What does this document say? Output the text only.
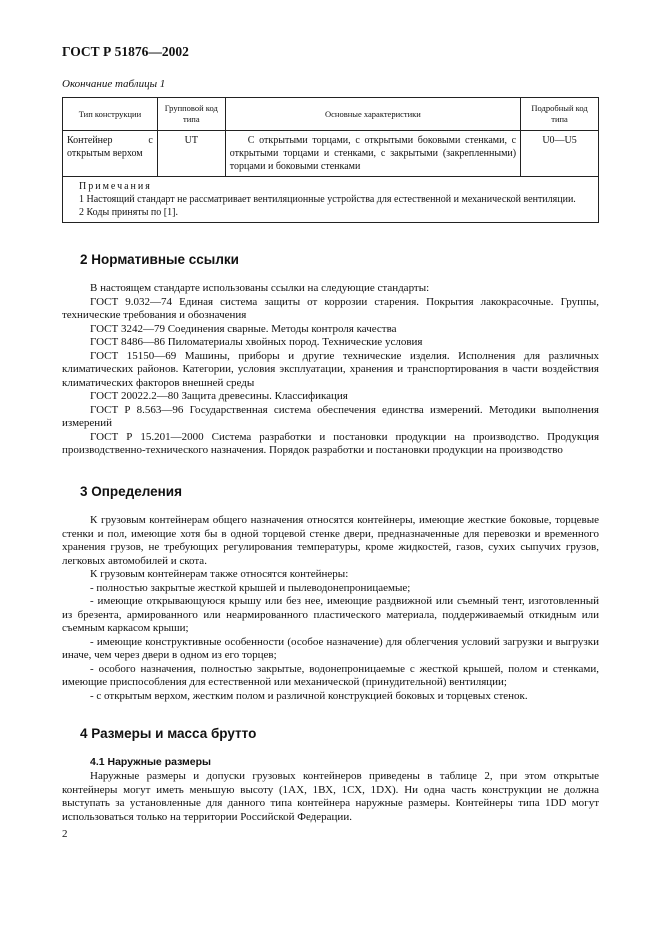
ГОСТ Р 51876—2002
Окончание таблицы 1
Тип конструкции	Групповой код типа	Основные характеристики	Подробный код типа
Контейнер с открытым верхом	UT	С открытыми торцами, с открытыми боковыми стенками, с открытыми торцами и стенками, с закрытыми (закрепленными) торцами и боковыми стенками	U0—U5

Примечания
1 Настоящий стандарт не рассматривает вентиляционные устройства для естественной и механической вентиляции.
2 Коды приняты по [1].			
2 Нормативные ссылки

В настоящем стандарте использованы ссылки на следующие стандарты:

ГОСТ 9.032—74 Единая система защиты от коррозии старения. Покрытия лакокрасочные. Группы, технические требования и обозначения

ГОСТ 3242—79 Соединения сварные. Методы контроля качества

ГОСТ 8486—86 Пиломатериалы хвойных пород. Технические условия

ГОСТ 15150—69 Машины, приборы и другие технические изделия. Исполнения для различных климатических районов. Категории, условия эксплуатации, хранения и транспортирования в части воздействия климатических факторов внешней среды

ГОСТ 20022.2—80 Защита древесины. Классификация

ГОСТ Р 8.563—96 Государственная система обеспечения единства измерений. Методики выполнения измерений

ГОСТ Р 15.201—2000 Система разработки и постановки продукции на производство. Продукция производственно-технического назначения. Порядок разработки и постановки продукции на производство

3 Определения

К грузовым контейнерам общего назначения относятся контейнеры, имеющие жесткие боковые, торцевые стенки и пол, имеющие хотя бы в одной торцевой стенке двери, предназначенные для перевозки и временного хранения грузов, не требующих регулирования температуры, кроме жидкостей, газов, сухих сыпучих грузов, легковых автомобилей и скота.

К грузовым контейнерам также относятся контейнеры:

- полностью закрытые жесткой крышей и пылеводонепроницаемые;

- имеющие открывающуюся крышу или без нее, имеющие раздвижной или съемный тент, изготовленный из брезента, армированного или неармированного пластического материала, поддерживаемый откидным или съемным каркасом крыши;

- имеющие конструктивные особенности (особое назначение) для облегчения условий загрузки и выгрузки иначе, чем через двери в одном из его торцев;

- особого назначения, полностью закрытые, водонепроницаемые с жесткой крышей, полом и стенками, имеющие приспособления для естественной или механической (принудительной) вентиляции;

- с открытым верхом, жестким полом и различной конструкцией боковых и торцевых стенок.

4 Размеры и масса брутто
4.1 Наружные размеры

Наружные размеры и допуски грузовых контейнеров приведены в таблице 2, при этом открытые контейнеры могут иметь меньшую высоту (1АХ, 1ВХ, 1СХ, 1DX). Ни одна часть конструкции не должна выступать за установленные для данного типа контейнера наружные размеры. Контейнеры типа 1DD могут использоваться только на территории Российской Федерации.

2
